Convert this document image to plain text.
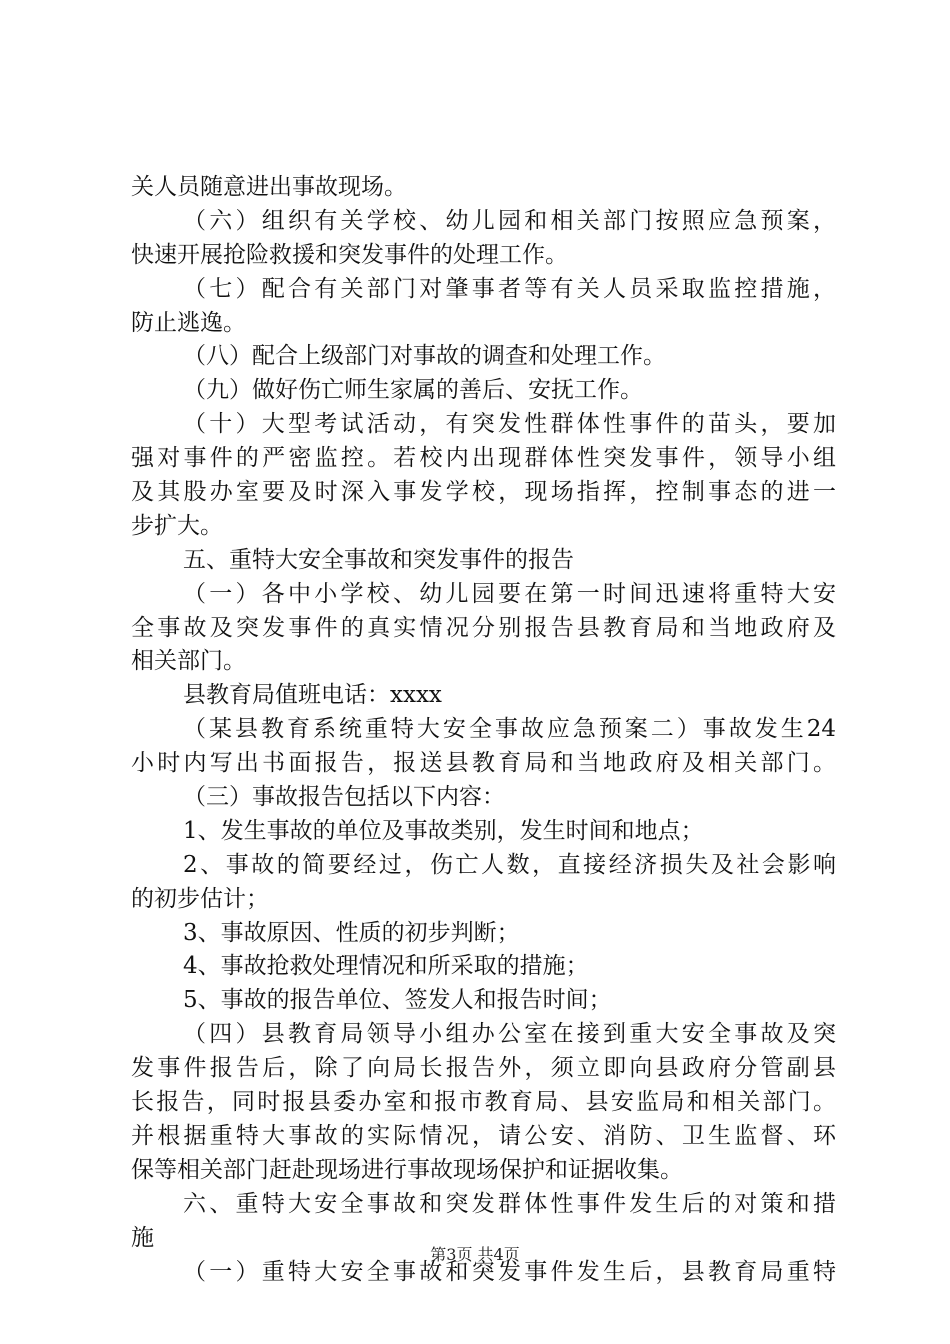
关人员随意进出事故现场。
（六）组织有关学校、幼儿园和相关部门按照应急预案，
快速开展抢险救援和突发事件的处理工作。
（七）配合有关部门对肇事者等有关人员采取监控措施，
防止逃逸。
（八）配合上级部门对事故的调查和处理工作。
（九）做好伤亡师生家属的善后、安抚工作。
（十）大型考试活动，有突发性群体性事件的苗头，要加
强对事件的严密监控。若校内出现群体性突发事件，领导小组
及其股办室要及时深入事发学校，现场指挥，控制事态的进一
步扩大。
五、重特大安全事故和突发事件的报告
（一）各中小学校、幼儿园要在第一时间迅速将重特大安
全事故及突发事件的真实情况分别报告县教育局和当地政府及
相关部门。
县教育局值班电话：xxxx
（某县教育系统重特大安全事故应急预案二）事故发生24
小时内写出书面报告，报送县教育局和当地政府及相关部门。
（三）事故报告包括以下内容：
1、发生事故的单位及事故类别，发生时间和地点；
2、事故的简要经过，伤亡人数，直接经济损失及社会影响
的初步估计；
3、事故原因、性质的初步判断；
4、事故抢救处理情况和所采取的措施；
5、事故的报告单位、签发人和报告时间；
（四）县教育局领导小组办公室在接到重大安全事故及突
发事件报告后，除了向局长报告外，须立即向县政府分管副县
长报告，同时报县委办室和报市教育局、县安监局和相关部门。
并根据重特大事故的实际情况，请公安、消防、卫生监督、环
保等相关部门赶赴现场进行事故现场保护和证据收集。
六、重特大安全事故和突发群体性事件发生后的对策和措
施
（一）重特大安全事故和突发事件发生后，县教育局重特
第3页 共4页
